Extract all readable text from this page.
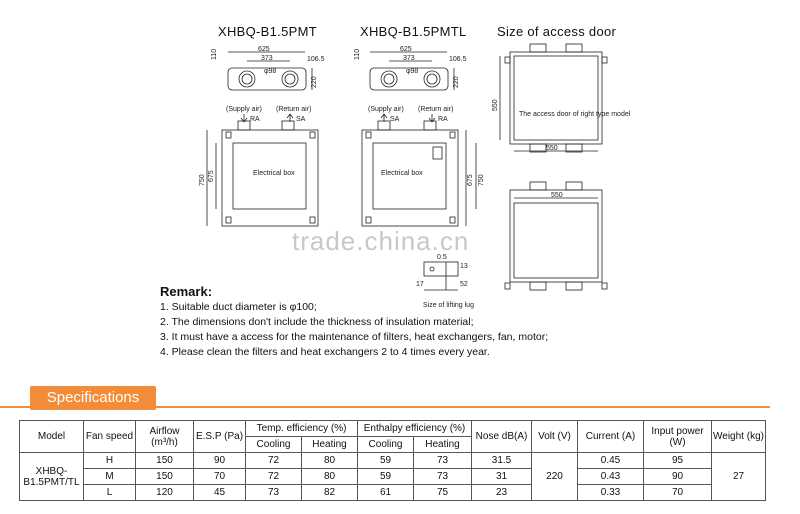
XHBQ-B1.5PMT	XHBQ-B1.5PMTL Size of access door
625
373	106.5
φ98
110
220
(Supply air) (Return air)
RA	SA
Electrical box
750 675
625
373	106.5
φ98
110
220
(Supply air) (Return air)
SA	RA
Electrical box
675 750
550
The access door of right type model
550
550
13
52
17
0.5
Size of lifting lug
trade.china.cn
Remark:
1. Suitable duct diameter is φ100;
2. The dimensions don't include the thickness of insulation material;
3. It must have a access for the maintenance of filters, heat exchangers, fan, motor;
4. Please clean the filters and heat exchangers 2 to 4 times every year.
Specifications
Model	Fan speed	Airflow (m³/h)	E.S.P (Pa)	Temp. efficiency (%)		Enthalpy efficiency (%)		Nose dB(A)	Volt (V)	Current (A)	Input power (W)	Weight (kg)
				Cooling	Heating	Cooling	Heating					
XHBQ-B1.5PMT/TL	H	150	90	72	80	59	73	31.5	220	0.45	95	27
	M	150	70	72	80	59	73	31		0.43	90	
	L	120	45	73	82	61	75	23		0.33	70	
